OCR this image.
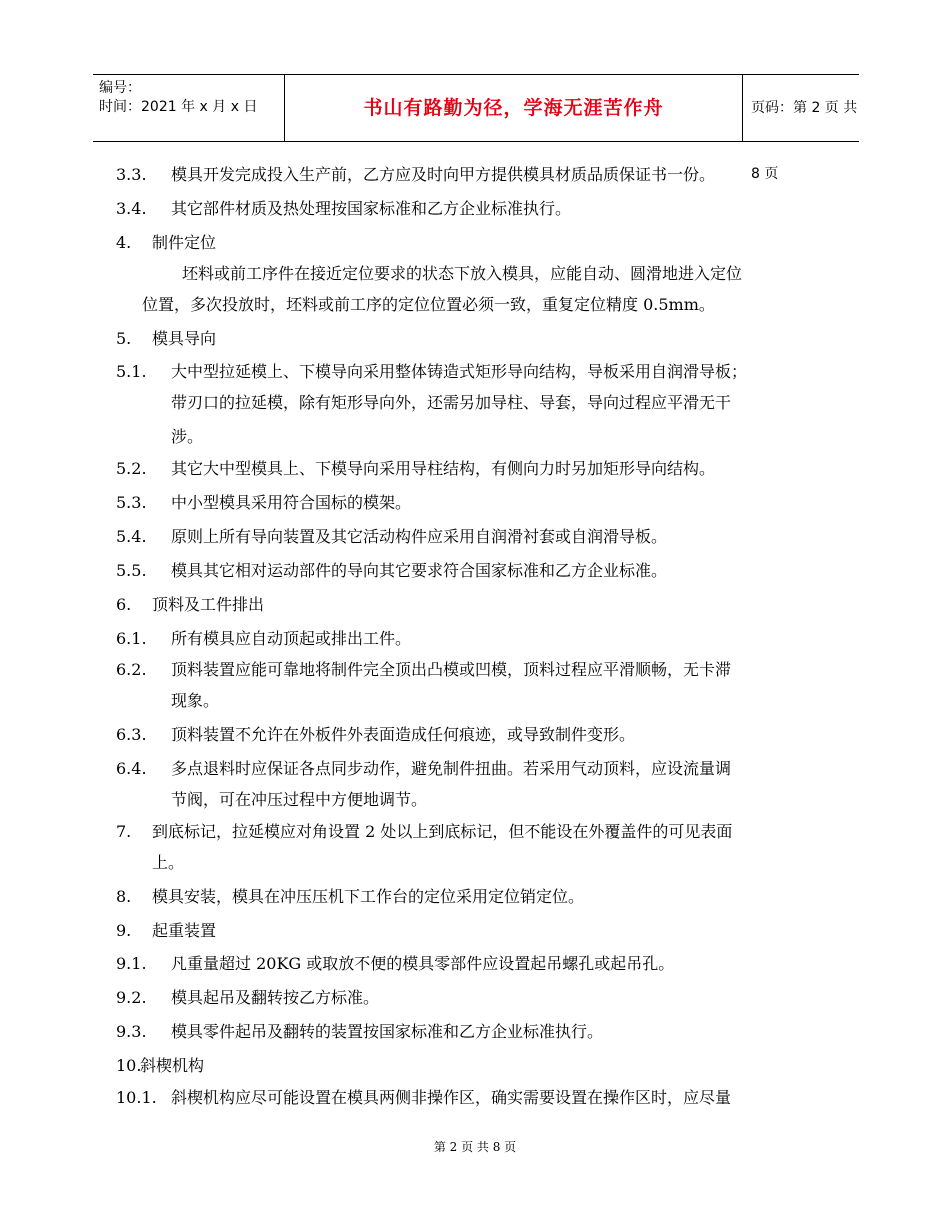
编号：
时间：2021 年 x 月 x 日	书山有路勤为径，学海无涯苦作舟	页码：第 2 页 共 8 页
3.3. 模具开发完成投入生产前，乙方应及时向甲方提供模具材质品质保证书一份。
3.4. 其它部件材质及热处理按国家标准和乙方企业标准执行。
4. 制件定位
坯料或前工序件在接近定位要求的状态下放入模具，应能自动、圆滑地进入定位
位置，多次投放时，坯料或前工序的定位位置必须一致，重复定位精度 0.5mm。
5. 模具导向
5.1. 大中型拉延模上、下模导向采用整体铸造式矩形导向结构，导板采用自润滑导板；
带刃口的拉延模，除有矩形导向外，还需另加导柱、导套，导向过程应平滑无干
涉。
5.2. 其它大中型模具上、下模导向采用导柱结构，有侧向力时另加矩形导向结构。
5.3. 中小型模具采用符合国标的模架。
5.4. 原则上所有导向装置及其它活动构件应采用自润滑衬套或自润滑导板。
5.5. 模具其它相对运动部件的导向其它要求符合国家标准和乙方企业标准。
6. 顶料及工件排出
6.1. 所有模具应自动顶起或排出工件。
6.2. 顶料装置应能可靠地将制件完全顶出凸模或凹模，顶料过程应平滑顺畅，无卡滞
现象。
6.3. 顶料装置不允许在外板件外表面造成任何痕迹，或导致制件变形。
6.4. 多点退料时应保证各点同步动作，避免制件扭曲。若采用气动顶料，应设流量调
节阀，可在冲压过程中方便地调节。
7. 到底标记，拉延模应对角设置 2 处以上到底标记，但不能设在外覆盖件的可见表面
上。
8. 模具安装，模具在冲压压机下工作台的定位采用定位销定位。
9. 起重装置
9.1. 凡重量超过 20KG 或取放不便的模具零部件应设置起吊螺孔或起吊孔。
9.2. 模具起吊及翻转按乙方标准。
9.3. 模具零件起吊及翻转的装置按国家标准和乙方企业标准执行。
10.
斜楔机构
10.1. 斜楔机构应尽可能设置在模具两侧非操作区，确实需要设置在操作区时，应尽量
第 2 页 共 8 页
